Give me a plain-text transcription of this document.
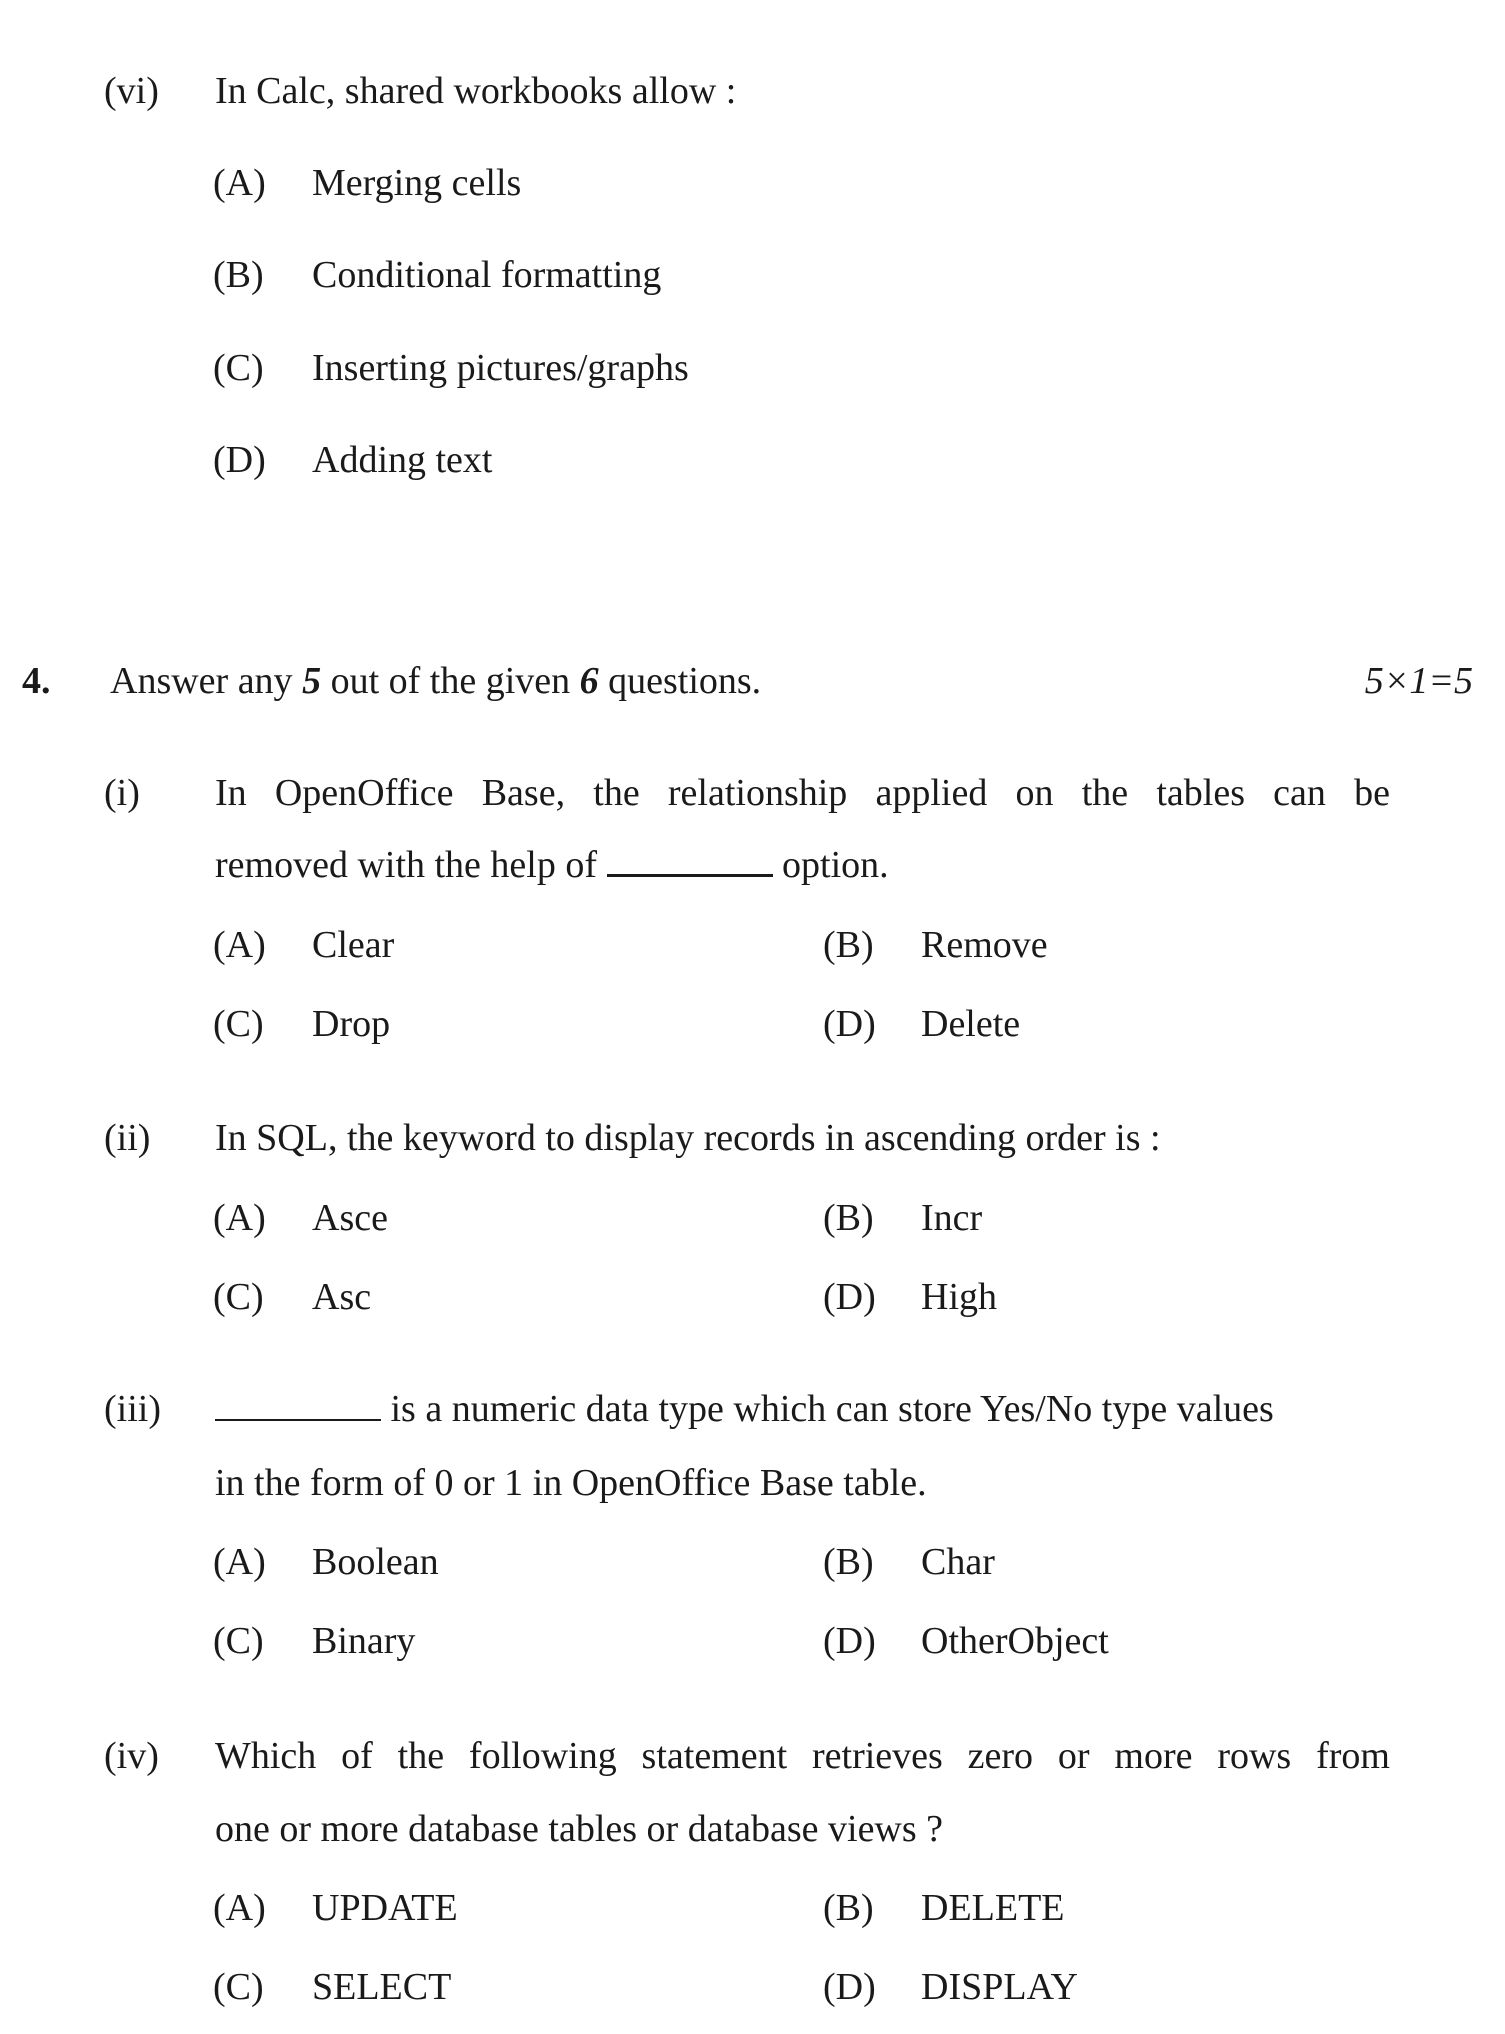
(vi) In Calc, shared workbooks allow :
(A) Merging cells
(B) Conditional formatting
(C) Inserting pictures/graphs
(D) Adding text
4. Answer any 5 out of the given 6 questions.	5×1=5
(i) In OpenOffice Base, the relationship applied on the tables can be
removed with the help of	option.
(A) Clear	(B) Remove
(C) Drop	(D) Delete
(ii) In SQL, the keyword to display records in ascending order is :
(A) Asce	(B) Incr
(C) Asc	(D) High
(iii)	is a numeric data type which can store Yes/No type values
in the form of 0 or 1 in OpenOffice Base table.
(A) Boolean	(B) Char
(C) Binary	(D) OtherObject
(iv) Which of the following statement retrieves zero or more rows from
one or more database tables or database views ?
(A) UPDATE	(B) DELETE
(C) SELECT	(D) DISPLAY
